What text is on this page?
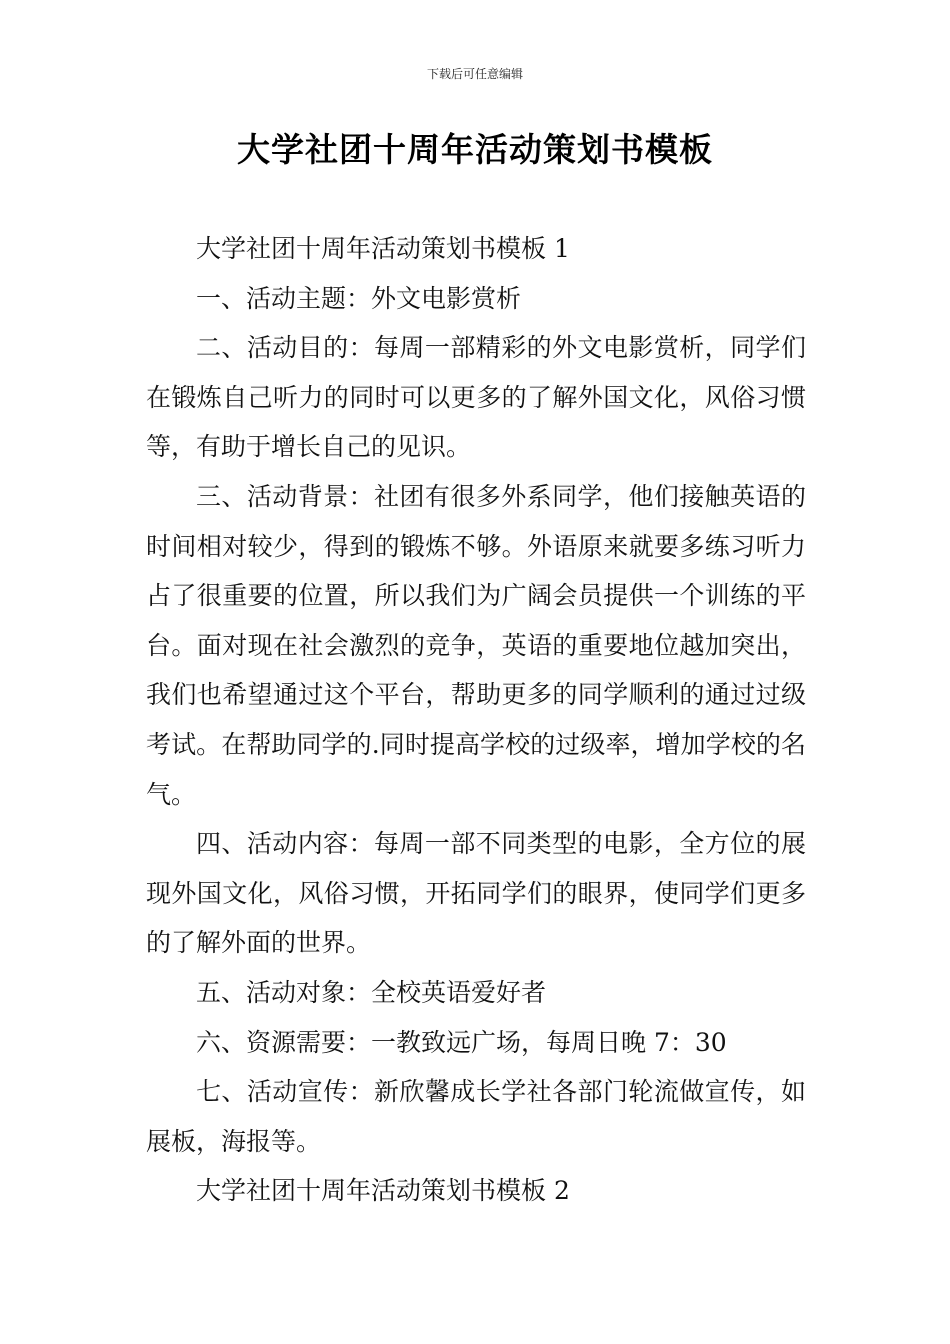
下载后可任意编辑
大学社团十周年活动策划书模板

大学社团十周年活动策划书模板 1

一、活动主题：外文电影赏析

二、活动目的：每周一部精彩的外文电影赏析，同学们在锻炼自己听力的同时可以更多的了解外国文化，风俗习惯等，有助于增长自己的见识。

三、活动背景：社团有很多外系同学，他们接触英语的时间相对较少，得到的锻炼不够。外语原来就要多练习听力占了很重要的位置，所以我们为广阔会员提供一个训练的平台。面对现在社会激烈的竞争，英语的重要地位越加突出，我们也希望通过这个平台，帮助更多的同学顺利的通过过级考试。在帮助同学的.同时提高学校的过级率，增加学校的名气。

四、活动内容：每周一部不同类型的电影，全方位的展现外国文化，风俗习惯，开拓同学们的眼界，使同学们更多的了解外面的世界。

五、活动对象：全校英语爱好者

六、资源需要：一教致远广场，每周日晚 7：30

七、活动宣传：新欣馨成长学社各部门轮流做宣传，如展板，海报等。

大学社团十周年活动策划书模板 2
